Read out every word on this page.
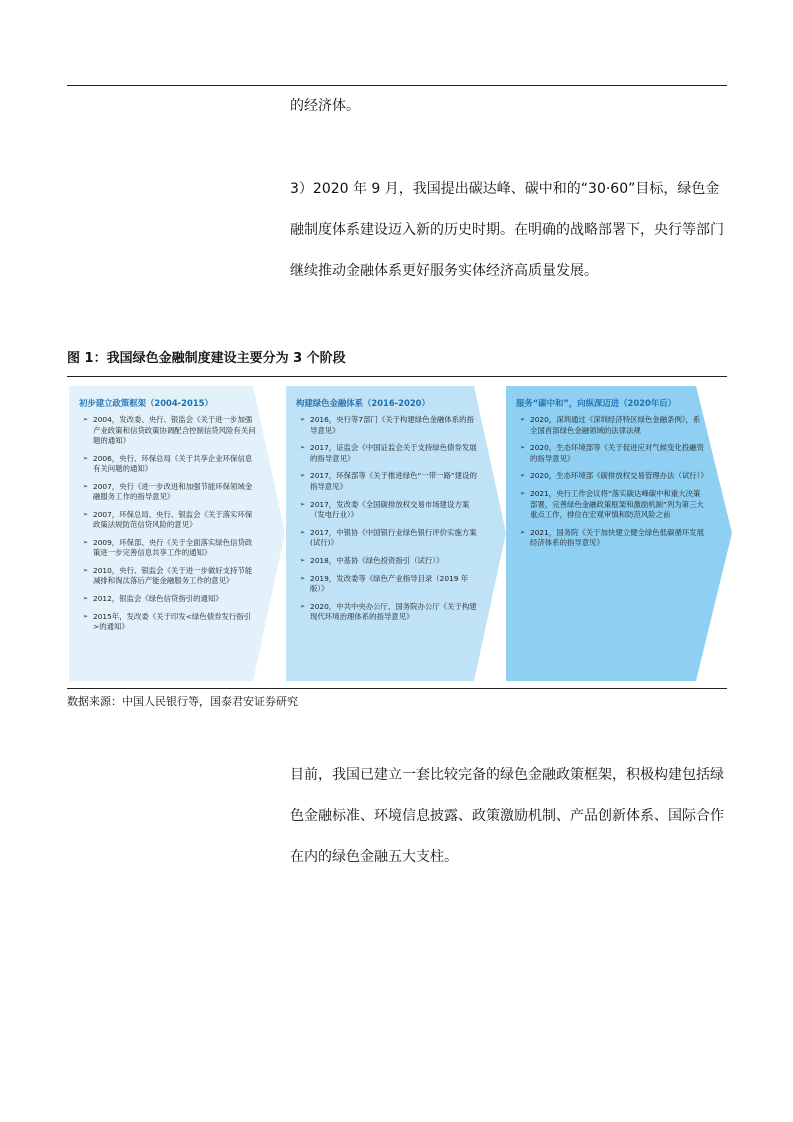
的经济体。
3）2020 年 9 月，我国提出碳达峰、碳中和的“30·60”目标，绿色金
融制度体系建设迈入新的历史时期。在明确的战略部署下，央行等部门
继续推动金融体系更好服务实体经济高质量发展。
图 1：我国绿色金融制度建设主要分为 3 个阶段
初步建立政策框架（2004-2015）
➢ 2004，发改委、央行、银监会《关于进一步加强产业政策和信贷政策协调配合控制信贷风险有关问题的通知》
➢ 2006，央行、环保总局《关于共享企业环保信息有关问题的通知》
➢ 2007，央行《进一步改进和加强节能环保领域金融服务工作的指导意见》
➢ 2007，环保总局、央行、银监会《关于落实环保政策法规防范信贷风险的意见》
➢ 2009，环保部、央行《关于全面落实绿色信贷政策进一步完善信息共享工作的通知》
➢ 2010，央行、银监会《关于进一步做好支持节能减排和淘汰落后产能金融服务工作的意见》
➢ 2012，银监会《绿色信贷指引的通知》
➢ 2015年，发改委《关于印发<绿色债券发行指引>的通知》
构建绿色金融体系（2016-2020）
➢ 2016，央行等7部门《关于构建绿色金融体系的指导意见》
➢ 2017，证监会《中国证监会关于支持绿色债券发展的指导意见》
➢ 2017，环保部等《关于推进绿色“一带一路”建设的指导意见》
➢ 2017，发改委《全国碳排放权交易市场建设方案（发电行业）》
➢ 2017，中银协《中国银行业绿色银行评价实施方案(试行)》
➢ 2018，中基协《绿色投资指引（试行）》
➢ 2019，发改委等《绿色产业指导目录（2019 年版）》
➢ 2020，中共中央办公厅、国务院办公厅《关于构建现代环境治理体系的指导意见》
服务“碳中和”，向纵深迈进（2020年后）
➢ 2020，深圳通过《深圳经济特区绿色金融条例》，系全国首部绿色金融领域的法律法规
➢ 2020，生态环境部等《关于促进应对气候变化投融资的指导意见》
➢ 2020，生态环境部《碳排放权交易管理办法（试行）》
➢ 2021，央行工作会议将“落实碳达峰碳中和重大决策部署，完善绿色金融政策框架和激励机制”列为第三大重点工作，排位在宏观审慎和防范风险之前
➢ 2021，国务院《关于加快建立健全绿色低碳循环发展经济体系的指导意见》
数据来源：中国人民银行等，国泰君安证券研究
目前，我国已建立一套比较完备的绿色金融政策框架，积极构建包括绿
色金融标准、环境信息披露、政策激励机制、产品创新体系、国际合作
在内的绿色金融五大支柱。
